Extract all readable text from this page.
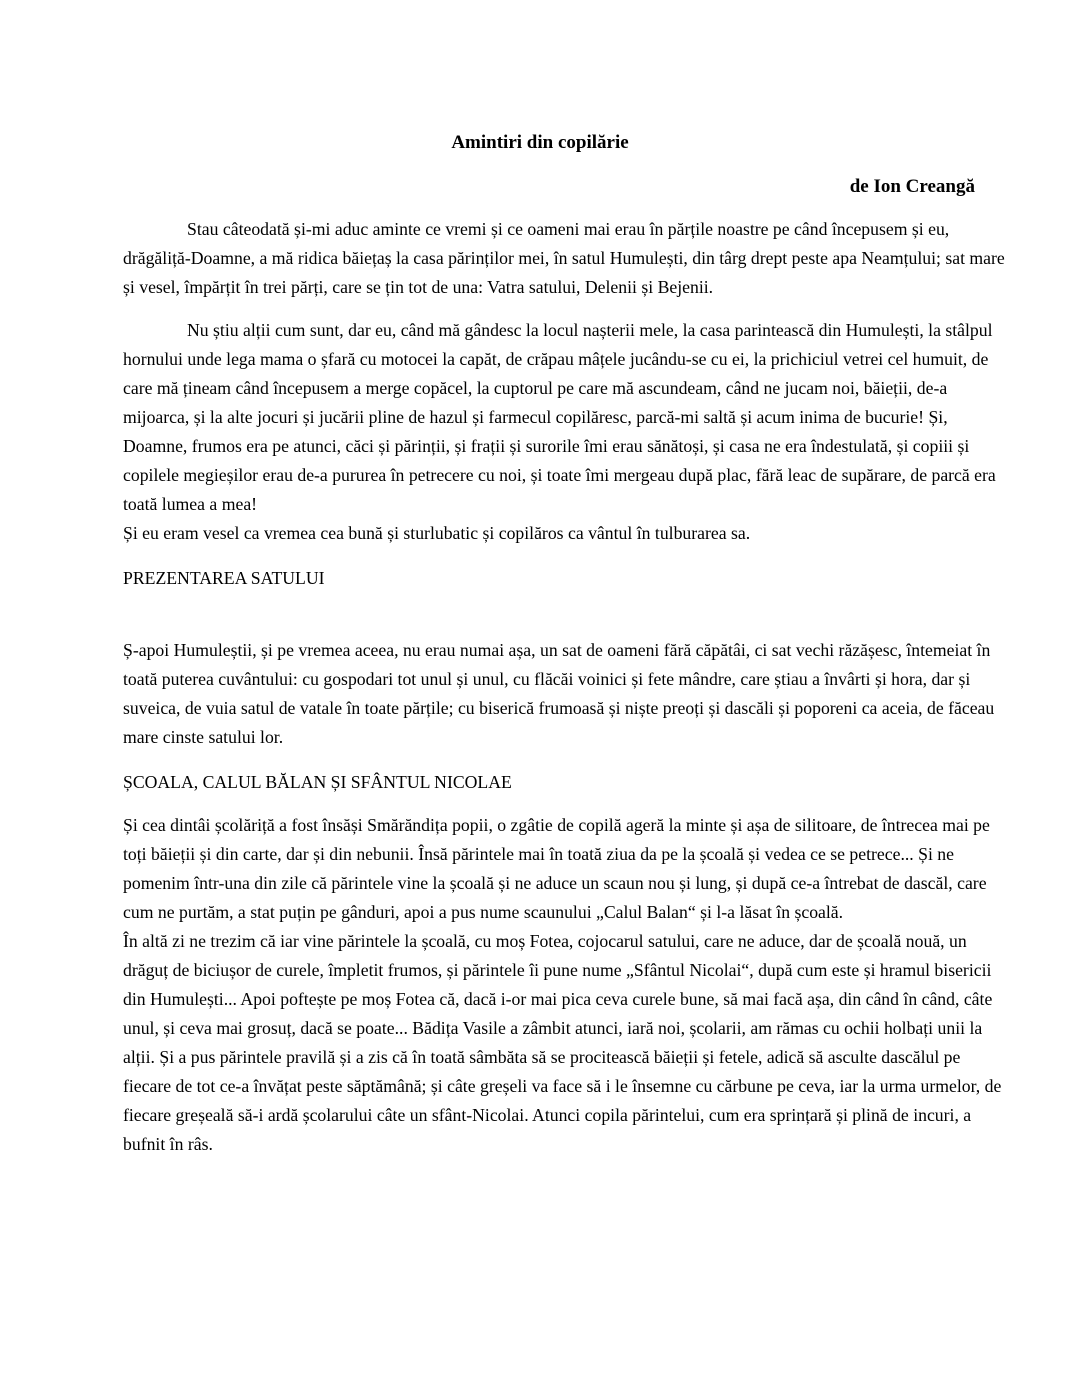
Amintiri din copilărie
de Ion Creangă

Stau câteodată și-mi aduc aminte ce vremi și ce oameni mai erau în părțile noastre pe când începusem și eu, drăgăliță-Doamne, a mă ridica băiețaș la casa părinților mei, în satul Humulești, din târg drept peste apa Neamțului; sat mare și vesel, împărțit în trei părți, care se țin tot de una: Vatra satului, Delenii și Bejenii.

Nu știu alții cum sunt, dar eu, când mă gândesc la locul nașterii mele, la casa parintească din Humulești, la stâlpul hornului unde lega mama o șfară cu motocei la capăt, de crăpau mâțele jucându-se cu ei, la prichiciul vetrei cel humuit, de care mă țineam când începusem a merge copăcel, la cuptorul pe care mă ascundeam, când ne jucam noi, băieții, de-a mijoarca, și la alte jocuri și jucării pline de hazul și farmecul copilăresc, parcă-mi saltă și acum inima de bucurie! Și, Doamne, frumos era pe atunci, căci și părinții, și frații și surorile îmi erau sănătoși, și casa ne era îndestulată, și copiii și copilele megieșilor erau de-a pururea în petrecere cu noi, și toate îmi mergeau după plac, fără leac de supărare, de parcă era toată lumea a mea!

Și eu eram vesel ca vremea cea bună și sturlubatic și copilăros ca vântul în tulburarea sa.

PREZENTAREA SATULUI

Ș-apoi Humuleștii, și pe vremea aceea, nu erau numai așa, un sat de oameni fără căpătâi, ci sat vechi răzășesc, întemeiat în toată puterea cuvântului: cu gospodari tot unul și unul, cu flăcăi voinici și fete mândre, care știau a învârti și hora, dar și suveica, de vuia satul de vatale în toate părțile; cu biserică frumoasă și niște preoți și dascăli și poporeni ca aceia, de făceau mare cinste satului lor.

ȘCOALA, CALUL BĂLAN ȘI SFÂNTUL NICOLAE

Și cea dintâi școlăriță a fost însăși Smărăndița popii, o zgâtie de copilă ageră la minte și așa de silitoare, de întrecea mai pe toți băieții și din carte, dar și din nebunii. Însă părintele mai în toată ziua da pe la școală și vedea ce se petrece... Și ne pomenim într-una din zile că părintele vine la școală și ne aduce un scaun nou și lung, și după ce-a întrebat de dascăl, care cum ne purtăm, a stat puțin pe gânduri, apoi a pus nume scaunului „Calul Balan“ și l-a lăsat în școală.

În altă zi ne trezim că iar vine părintele la școală, cu moș Fotea, cojocarul satului, care ne aduce, dar de școală nouă, un drăguț de biciușor de curele, împletit frumos, și părintele îi pune nume „Sfântul Nicolai“, după cum este și hramul bisericii din Humulești... Apoi poftește pe moș Fotea că, dacă i-or mai pica ceva curele bune, să mai facă așa, din când în când, câte unul, și ceva mai grosuț, dacă se poate... Bădița Vasile a zâmbit atunci, iară noi, școlarii, am rămas cu ochii holbați unii la alții. Și a pus părintele pravilă și a zis că în toată sâmbăta să se procitească băieții și fetele, adică să asculte dascălul pe fiecare de tot ce-a învățat peste săptămână; și câte greșeli va face să i le însemne cu cărbune pe ceva, iar la urma urmelor, de fiecare greșeală să-i ardă școlarului câte un sfânt-Nicolai. Atunci copila părintelui, cum era sprințară și plină de incuri, a bufnit în râs.
